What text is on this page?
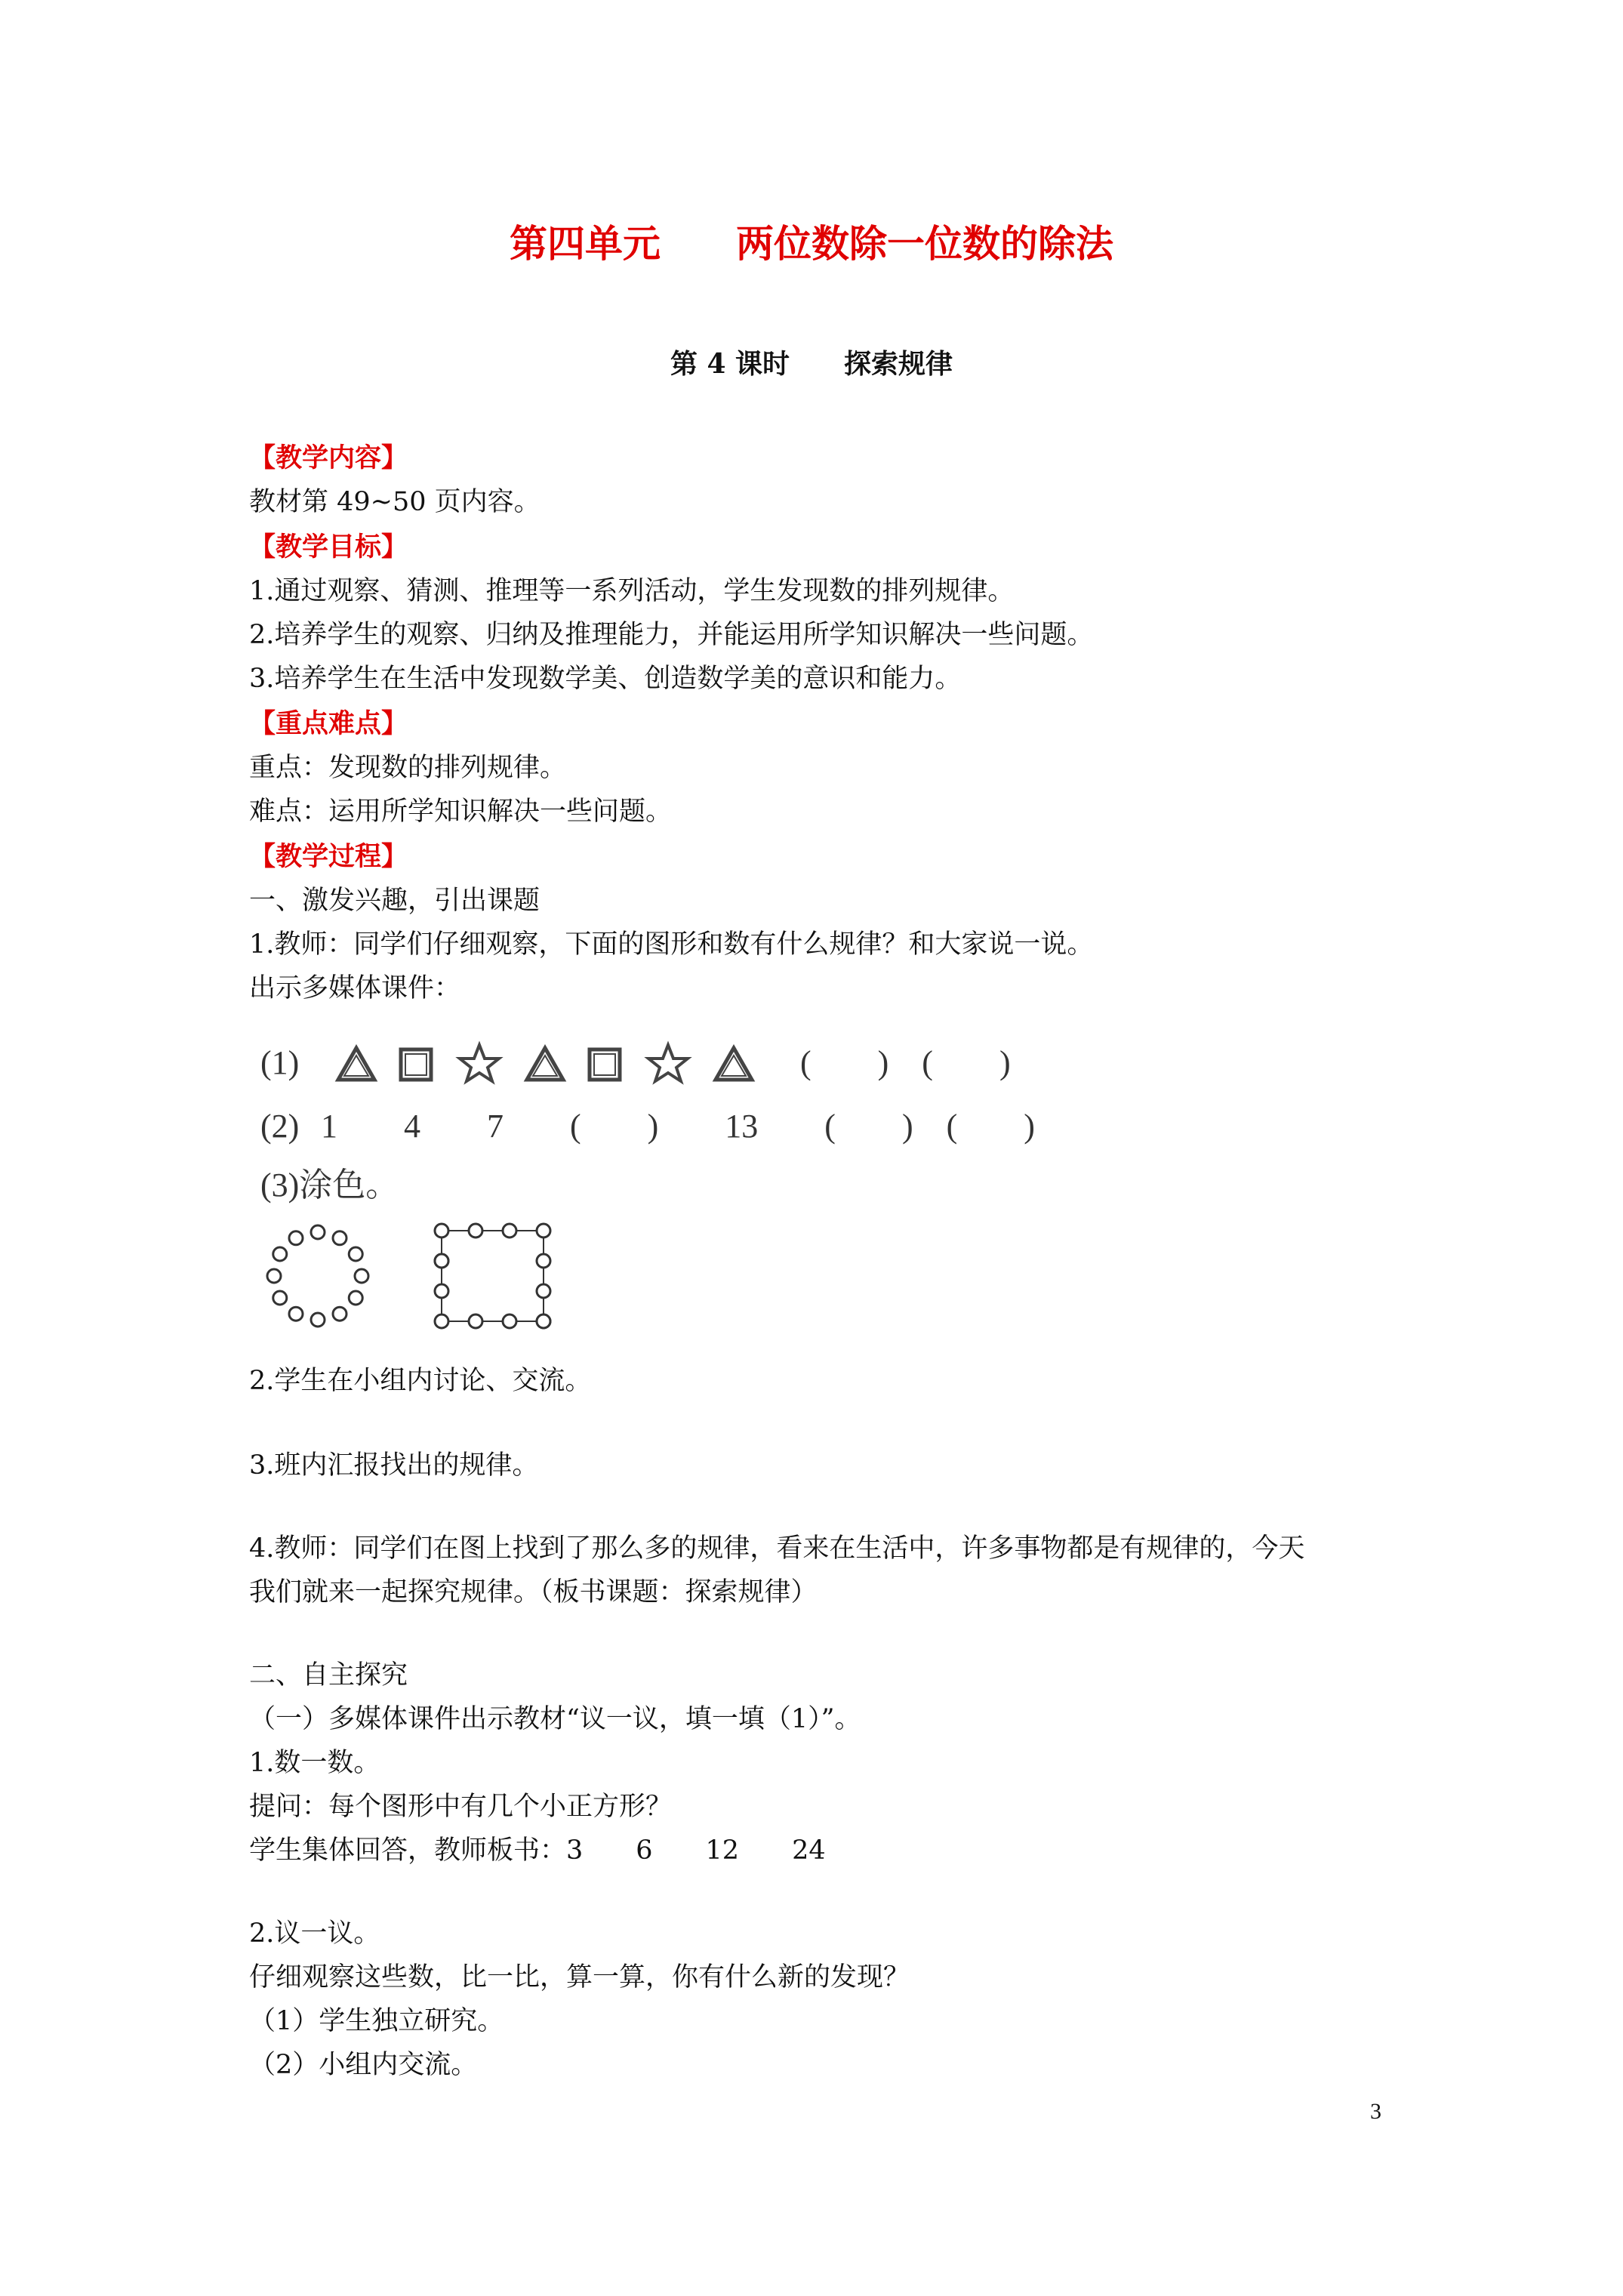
第四单元　　两位数除一位数的除法
第 4 课时　　探索规律
【教学内容】
教材第 49~50 页内容。
【教学目标】
1.通过观察、猜测、推理等一系列活动，学生发现数的排列规律。
2.培养学生的观察、归纳及推理能力，并能运用所学知识解决一些问题。
3.培养学生在生活中发现数学美、创造数学美的意识和能力。
【重点难点】
重点：发现数的排列规律。
难点：运用所学知识解决一些问题。
【教学过程】
一、激发兴趣，引出课题
1.教师：同学们仔细观察，下面的图形和数有什么规律？和大家说一说。
出示多媒体课件：
(1)	(　　)　(　　)
(2) 1　　4　　7　　(　　)　　13　　(　　)　(　　)
(3)涂色。
2.学生在小组内讨论、交流。
3.班内汇报找出的规律。
4.教师：同学们在图上找到了那么多的规律，看来在生活中，许多事物都是有规律的，今天
我们就来一起探究规律。（板书课题：探索规律）
二、自主探究
（一）多媒体课件出示教材“议一议，填一填（1）”。
1.数一数。
提问：每个图形中有几个小正方形？
学生集体回答，教师板书：3　　6　　12　　24
2.议一议。
仔细观察这些数，比一比，算一算，你有什么新的发现？
（1）学生独立研究。
（2）小组内交流。
3
